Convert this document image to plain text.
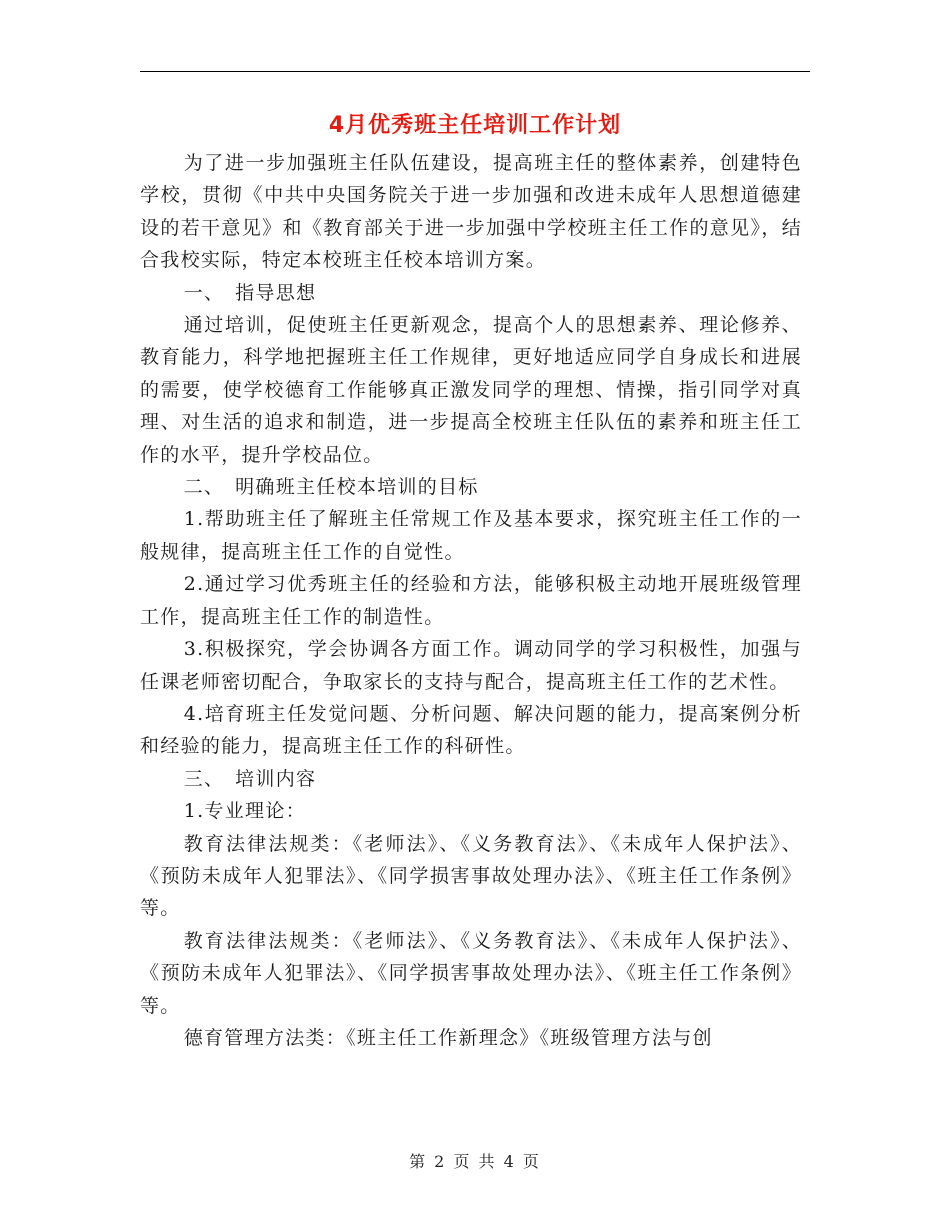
4月优秀班主任培训工作计划

为了进一步加强班主任队伍建设，提高班主任的整体素养，创建特色学校，贯彻《中共中央国务院关于进一步加强和改进未成年人思想道德建设的若干意见》和《教育部关于进一步加强中学校班主任工作的意见》，结合我校实际，特定本校班主任校本培训方案。

一、　指导思想

通过培训，促使班主任更新观念，提高个人的思想素养、理论修养、教育能力，科学地把握班主任工作规律，更好地适应同学自身成长和进展的需要，使学校德育工作能够真正激发同学的理想、情操，指引同学对真理、对生活的追求和制造，进一步提高全校班主任队伍的素养和班主任工作的水平，提升学校品位。

二、　明确班主任校本培训的目标

1.帮助班主任了解班主任常规工作及基本要求，探究班主任工作的一般规律，提高班主任工作的自觉性。

2.通过学习优秀班主任的经验和方法，能够积极主动地开展班级管理工作，提高班主任工作的制造性。

3.积极探究，学会协调各方面工作。调动同学的学习积极性，加强与任课老师密切配合，争取家长的支持与配合，提高班主任工作的艺术性。

4.培育班主任发觉问题、分析问题、解决问题的能力，提高案例分析和经验的能力，提高班主任工作的科研性。

三、　培训内容

1.专业理论：

教育法律法规类：《老师法》、《义务教育法》、《未成年人保护法》、《预防未成年人犯罪法》、《同学损害事故处理办法》、《班主任工作条例》等。

教育法律法规类：《老师法》、《义务教育法》、《未成年人保护法》、《预防未成年人犯罪法》、《同学损害事故处理办法》、《班主任工作条例》等。

德育管理方法类：《班主任工作新理念》《班级管理方法与创

第 2 页 共 4 页
